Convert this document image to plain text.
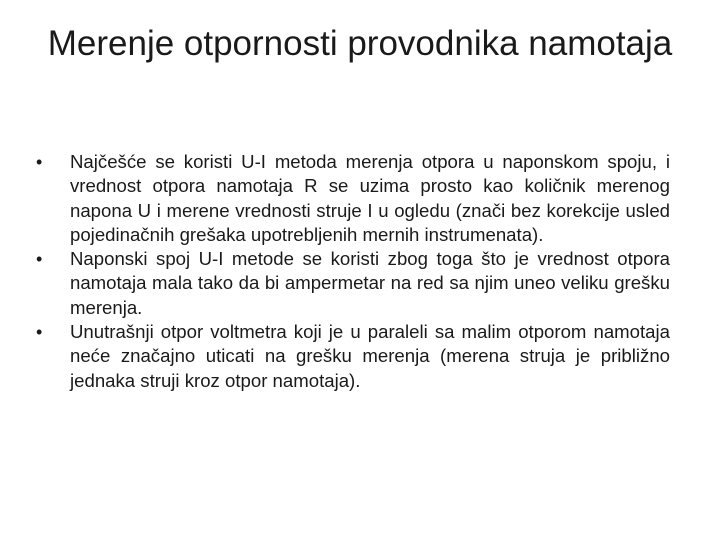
Merenje otpornosti provodnika namotaja
•	Najčešće se koristi U-I metoda merenja otpora u naponskom spoju, i vrednost otpora namotaja R se uzima prosto kao količnik merenog napona U i merene vrednosti struje I u ogledu (znači bez korekcije usled pojedinačnih grešaka upotrebljenih mernih instrumenata).
•	Naponski spoj U-I metode se koristi zbog toga što je vrednost otpora namotaja mala tako da bi ampermetar na red sa njim uneo veliku grešku merenja.
•	Unutrašnji otpor voltmetra koji je u paraleli sa malim otporom namotaja neće značajno uticati na grešku merenja (merena struja je približno jednaka struji kroz otpor namotaja).
